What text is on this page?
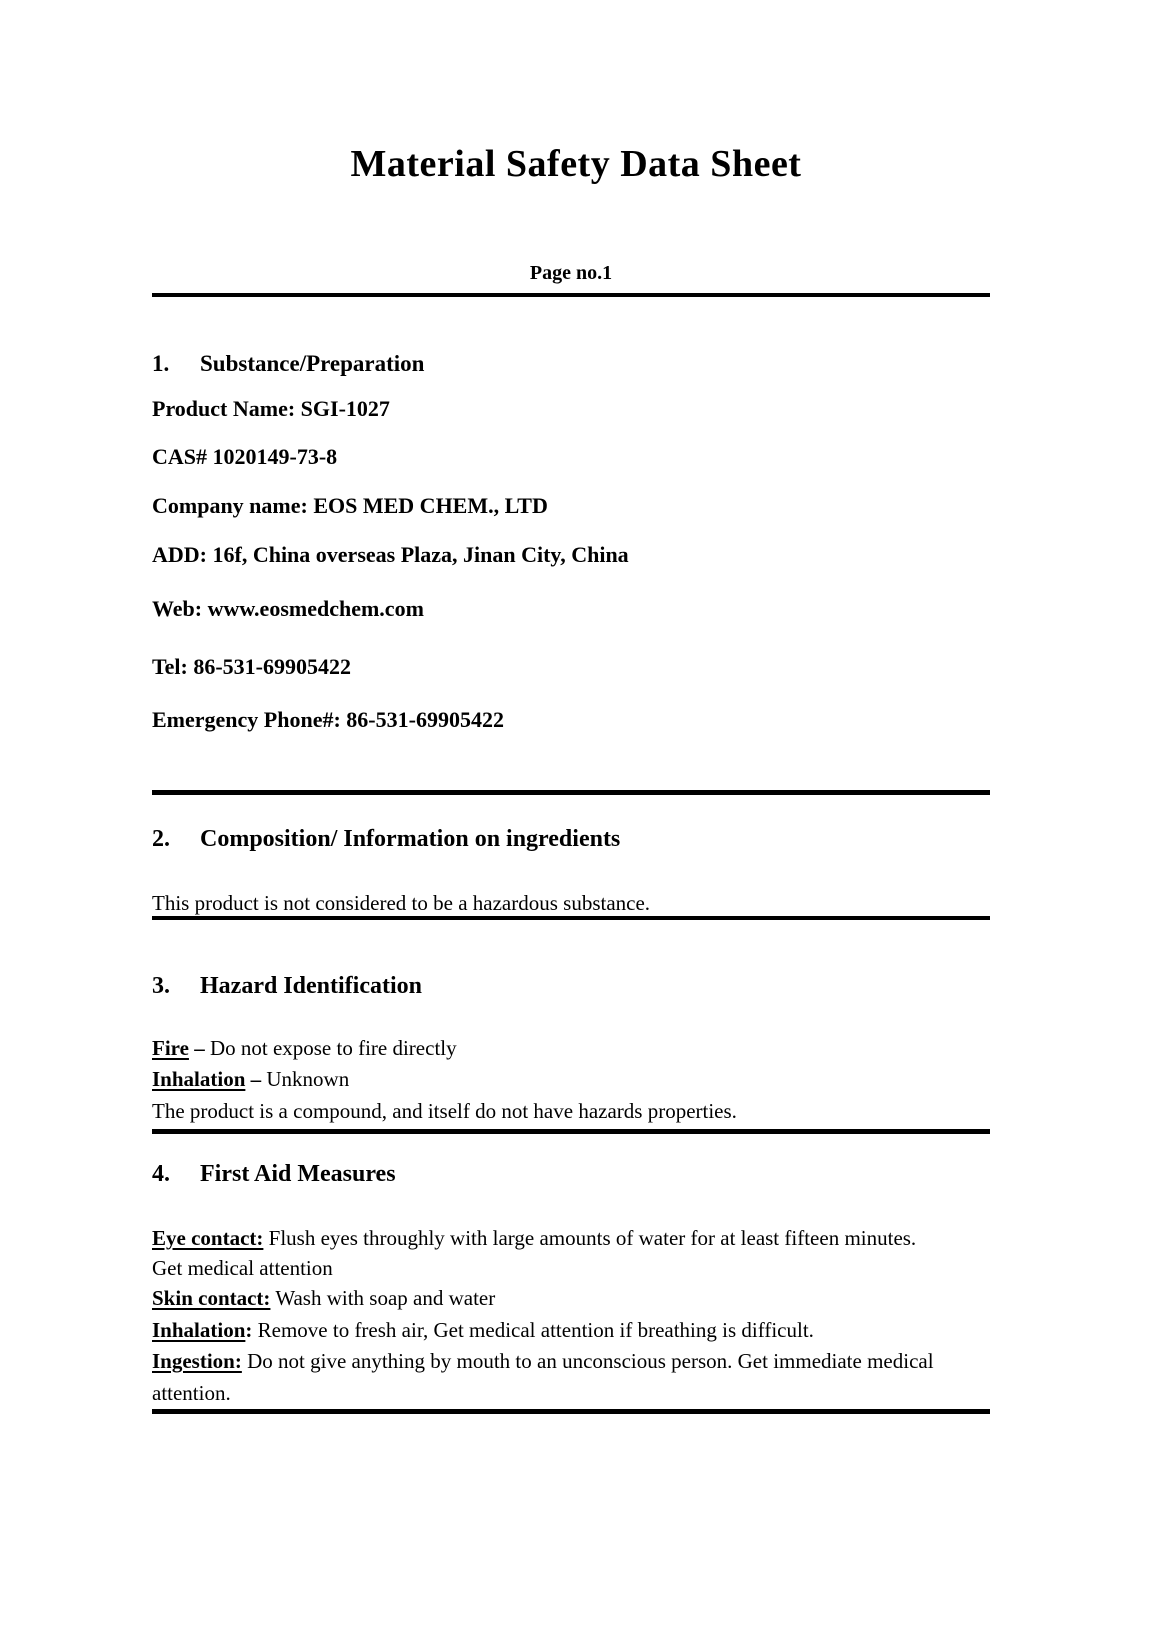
Material Safety Data Sheet
Page no.1
1. Substance/Preparation
Product Name: SGI-1027
CAS# 1020149-73-8
Company name: EOS MED CHEM., LTD
ADD: 16f, China overseas Plaza, Jinan City, China
Web: www.eosmedchem.com
Tel: 86-531-69905422
Emergency Phone#: 86-531-69905422
2. Composition/ Information on ingredients
This product is not considered to be a hazardous substance.
3. Hazard Identification
Fire – Do not expose to fire directly
Inhalation – Unknown
The product is a compound, and itself do not have hazards properties.
4. First Aid Measures
Eye contact: Flush eyes throughly with large amounts of water for at least fifteen minutes.
Get medical attention
Skin contact: Wash with soap and water
Inhalation: Remove to fresh air, Get medical attention if breathing is difficult.
Ingestion: Do not give anything by mouth to an unconscious person. Get immediate medical
attention.
